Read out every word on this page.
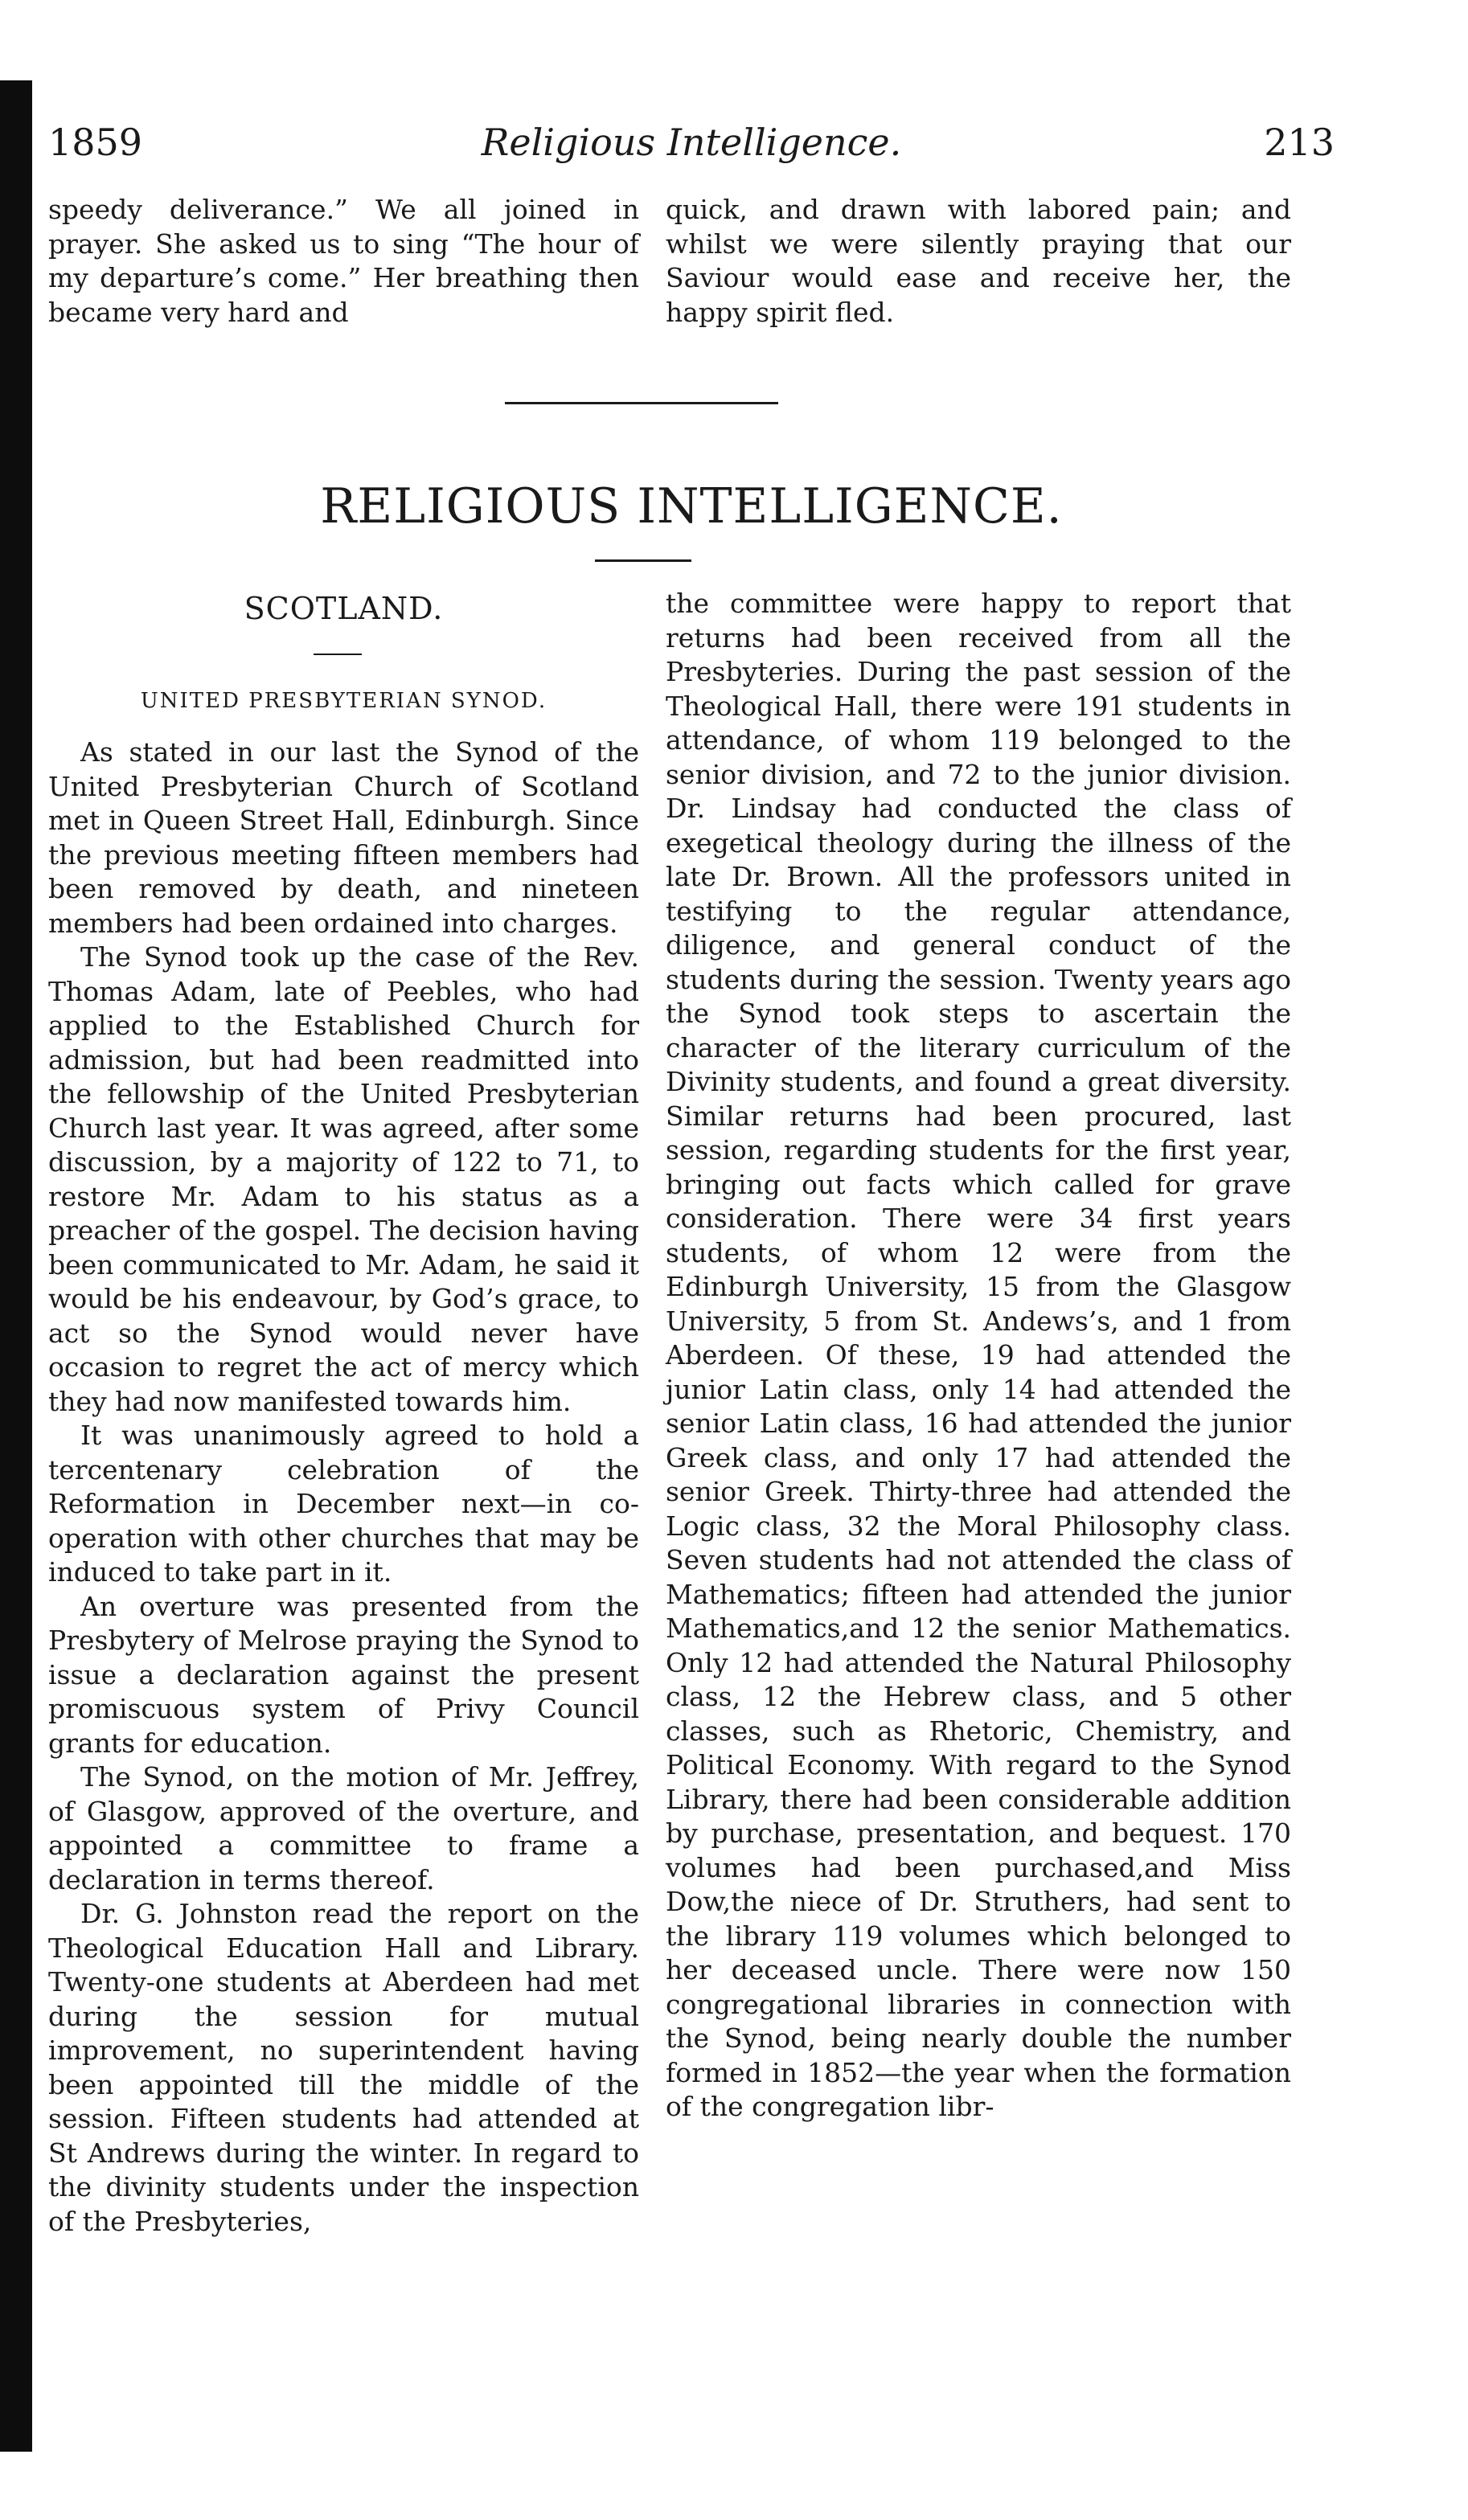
1859	Religious Intelligence.	213

speedy deliverance.” We all joined in prayer. She asked us to sing “The hour of my departure’s come.” Her breathing then became very hard and

quick, and drawn with labored pain; and whilst we were silently praying that our Saviour would ease and receive her, the happy spirit fled.

RELIGIOUS INTELLIGENCE.
SCOTLAND.
UNITED PRESBYTERIAN SYNOD.

As stated in our last the Synod of the United Presbyterian Church of Scotland met in Queen Street Hall, Edinburgh. Since the previous meeting fifteen members had been removed by death, and nineteen members had been ordained into charges.

The Synod took up the case of the Rev. Thomas Adam, late of Peebles, who had applied to the Established Church for admission, but had been readmitted into the fellowship of the United Presbyterian Church last year. It was agreed, after some discussion, by a majority of 122 to 71, to restore Mr. Adam to his status as a preacher of the gospel. The decision having been communicated to Mr. Adam, he said it would be his endeavour, by God’s grace, to act so the Synod would never have occasion to regret the act of mercy which they had now manifested towards him.

It was unanimously agreed to hold a tercentenary celebration of the Reformation in December next—in co-operation with other churches that may be induced to take part in it.

An overture was presented from the Presbytery of Melrose praying the Synod to issue a declaration against the present promiscuous system of Privy Council grants for education.

The Synod, on the motion of Mr. Jeffrey, of Glasgow, approved of the overture, and appointed a committee to frame a declaration in terms thereof.

Dr. G. Johnston read the report on the Theological Education Hall and Library. Twenty-one students at Aberdeen had met during the session for mutual improvement, no superintendent having been appointed till the middle of the session. Fifteen students had attended at St Andrews during the winter. In regard to the divinity students under the inspection of the Presbyteries,

the committee were happy to report that returns had been received from all the Presbyteries. During the past session of the Theological Hall, there were 191 students in attendance, of whom 119 belonged to the senior division, and 72 to the junior division. Dr. Lindsay had conducted the class of exegetical theology during the illness of the late Dr. Brown. All the professors united in testifying to the regular attendance, diligence, and general conduct of the students during the session. Twenty years ago the Synod took steps to ascertain the character of the literary curriculum of the Divinity students, and found a great diversity. Similar returns had been procured, last session, regarding students for the first year, bringing out facts which called for grave consideration. There were 34 first years students, of whom 12 were from the Edinburgh University, 15 from the Glasgow University, 5 from St. Andews’s, and 1 from Aberdeen. Of these, 19 had attended the junior Latin class, only 14 had attended the senior Latin class, 16 had attended the junior Greek class, and only 17 had attended the senior Greek. Thirty-three had attended the Logic class, 32 the Moral Philosophy class. Seven students had not attended the class of Mathematics; fifteen had attended the junior Mathematics,and 12 the senior Mathematics. Only 12 had attended the Natural Philosophy class, 12 the Hebrew class, and 5 other classes, such as Rhetoric, Chemistry, and Political Economy. With regard to the Synod Library, there had been considerable addition by purchase, presentation, and bequest. 170 volumes had been purchased,and Miss Dow,the niece of Dr. Struthers, had sent to the library 119 volumes which belonged to her deceased uncle. There were now 150 congregational libraries in connection with the Synod, being nearly double the number formed in 1852—the year when the formation of the congregation libr-
